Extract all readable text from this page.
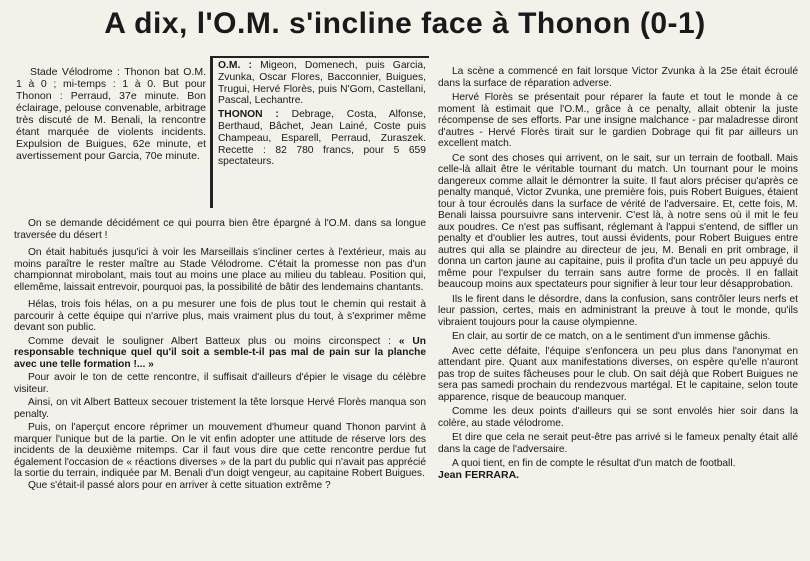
A dix, l'O.M. s'incline face à Thonon (0-1)

Stade Vélodrome : Thonon bat O.M. 1 à 0 ; mi-temps : 1 à 0. But pour Thonon : Perraud, 37e minute. Bon éclairage, pelouse convenable, arbitrage très discuté de M. Benali, la rencontre étant marquée de violents incidents. Expulsion de Buigues, 62e minute, et avertissement pour Garcia, 70e minute.

O.M. : Migeon, Domenech, puis Garcia, Zvunka, Oscar Flores, Bacconnier, Buigues, Trugui, Hervé Florès, puis N'Gom, Castellani, Pascal, Lechantre.

THONON : Debrage, Costa, Alfonse, Berthaud, Bâchet, Jean Lainé, Coste puis Champeau, Esparell, Perraud, Zuraszek. Recette : 82 780 francs, pour 5 659 spectateurs.

On se demande décidément ce qui pourra bien être épargné à l'O.M. dans sa longue traversée du désert !

On était habitués jusqu'ici à voir les Marseillais s'incliner certes à l'extérieur, mais au moins paraître le rester maître au Stade Vélodrome. C'était la promesse non pas d'un championnat mirobolant, mais tout au moins une place au milieu du tableau. Position qui, ellemême, laissait entrevoir, pourquoi pas, la possibilité de bâtir des lendemains chantants.

Hélas, trois fois hélas, on a pu mesurer une fois de plus tout le chemin qui restait à parcourir à cette équipe qui n'arrive plus, mais vraiment plus du tout, à s'exprimer même devant son public.

Comme devait le souligner Albert Batteux plus ou moins circonspect : « Un responsable technique quel qu'il soit a semble-t-il pas mal de pain sur la planche avec une telle formation !... »

Pour avoir le ton de cette rencontre, il suffisait d'ailleurs d'épier le visage du célèbre visiteur.

Ainsi, on vit Albert Batteux secouer tristement la tête lorsque Hervé Florès manqua son penalty.

Puis, on l'aperçut encore réprimer un mouvement d'humeur quand Thonon parvint à marquer l'unique but de la partie. On le vit enfin adopter une attitude de réserve lors des incidents de la deuxième mitemps. Car il faut vous dire que cette rencontre perdue fut également l'occasion de « réactions diverses » de la part du public qui n'avait pas apprécié la sortie du terrain, indiquée par M. Benali d'un doigt vengeur, au capitaine Robert Buigues.

Que s'était-il passé alors pour en arriver à cette situation extrême ?

La scène a commencé en fait lorsque Victor Zvunka à la 25e était écroulé dans la surface de réparation adverse.

Hervé Florès se présentait pour réparer la faute et tout le monde à ce moment là estimait que l'O.M., grâce à ce penalty, allait obtenir la juste récompense de ses efforts. Par une insigne malchance - par maladresse diront d'autres - Hervé Florès tirait sur le gardien Dobrage qui fit par ailleurs un excellent match.

Ce sont des choses qui arrivent, on le sait, sur un terrain de football. Mais celle-là allait être le véritable tournant du match. Un tournant pour le moins dangereux comme allait le démontrer la suite. Il faut alors préciser qu'après ce penalty manqué, Victor Zvunka, une première fois, puis Robert Buigues, étaient tour à tour écroulés dans la surface de vérité de l'adversaire. Et, cette fois, M. Benali laissa poursuivre sans intervenir. C'est là, à notre sens où il mit le feu aux poudres. Ce n'est pas suffisant, réglemant à l'appui s'entend, de siffler un penalty et d'oublier les autres, tout aussi évidents, pour Robert Buigues entre autres qui alla se plaindre au directeur de jeu, M. Benali en prit ombrage, il donna un carton jaune au capitaine, puis il profita d'un tacle un peu appuyé du même pour l'expulser du terrain sans autre forme de procès. Il en fallait beaucoup moins aux spectateurs pour signifier à leur tour leur désapprobation.

Ils le firent dans le désordre, dans la confusion, sans contrôler leurs nerfs et leur passion, certes, mais en administrant la preuve à tout le monde, qu'ils vibraient toujours pour la cause olympienne.

En clair, au sortir de ce match, on a le sentiment d'un immense gâchis.

Avec cette défaite, l'équipe s'enfoncera un peu plus dans l'anonymat en attendant pire. Quant aux manifestations diverses, on espère qu'elle n'auront pas trop de suites fâcheuses pour le club. On sait déjà que Robert Buigues ne sera pas samedi prochain du rendezvous martégal. Et le capitaine, selon toute apparence, risque de beaucoup manquer.

Comme les deux points d'ailleurs qui se sont envolés hier soir dans la colère, au stade vélodrome.

Et dire que cela ne serait peut-être pas arrivé si le fameux penalty était allé dans la cage de l'adversaire.

A quoi tient, en fin de compte le résultat d'un match de football.

Jean FERRARA.
